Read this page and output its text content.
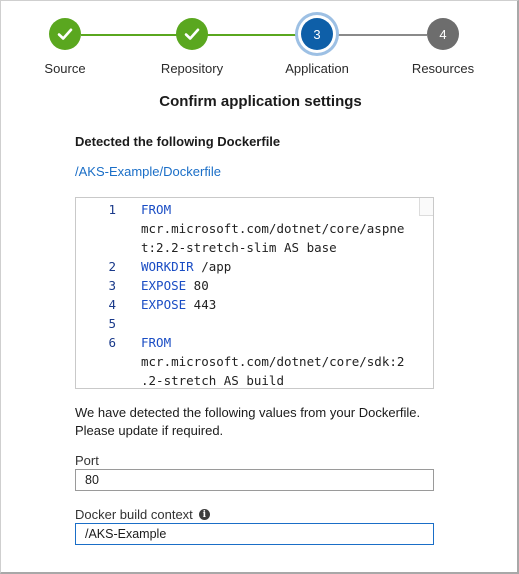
3	4
Source	Repository	Application	Resources
Confirm application settings
Detected the following Dockerfile
/AKS-Example/Dockerfile
1	FROM
mcr.microsoft.com/dotnet/core/aspne
t:2.2-stretch-slim AS base
2	WORKDIR /app
3	EXPOSE 80
4	EXPOSE 443
5

6	FROM
mcr.microsoft.com/dotnet/core/sdk:2
.2-stretch AS build
We have detected the following values from your Dockerfile.
Please update if required.
Port
80
Docker build context	i
/AKS-Example
